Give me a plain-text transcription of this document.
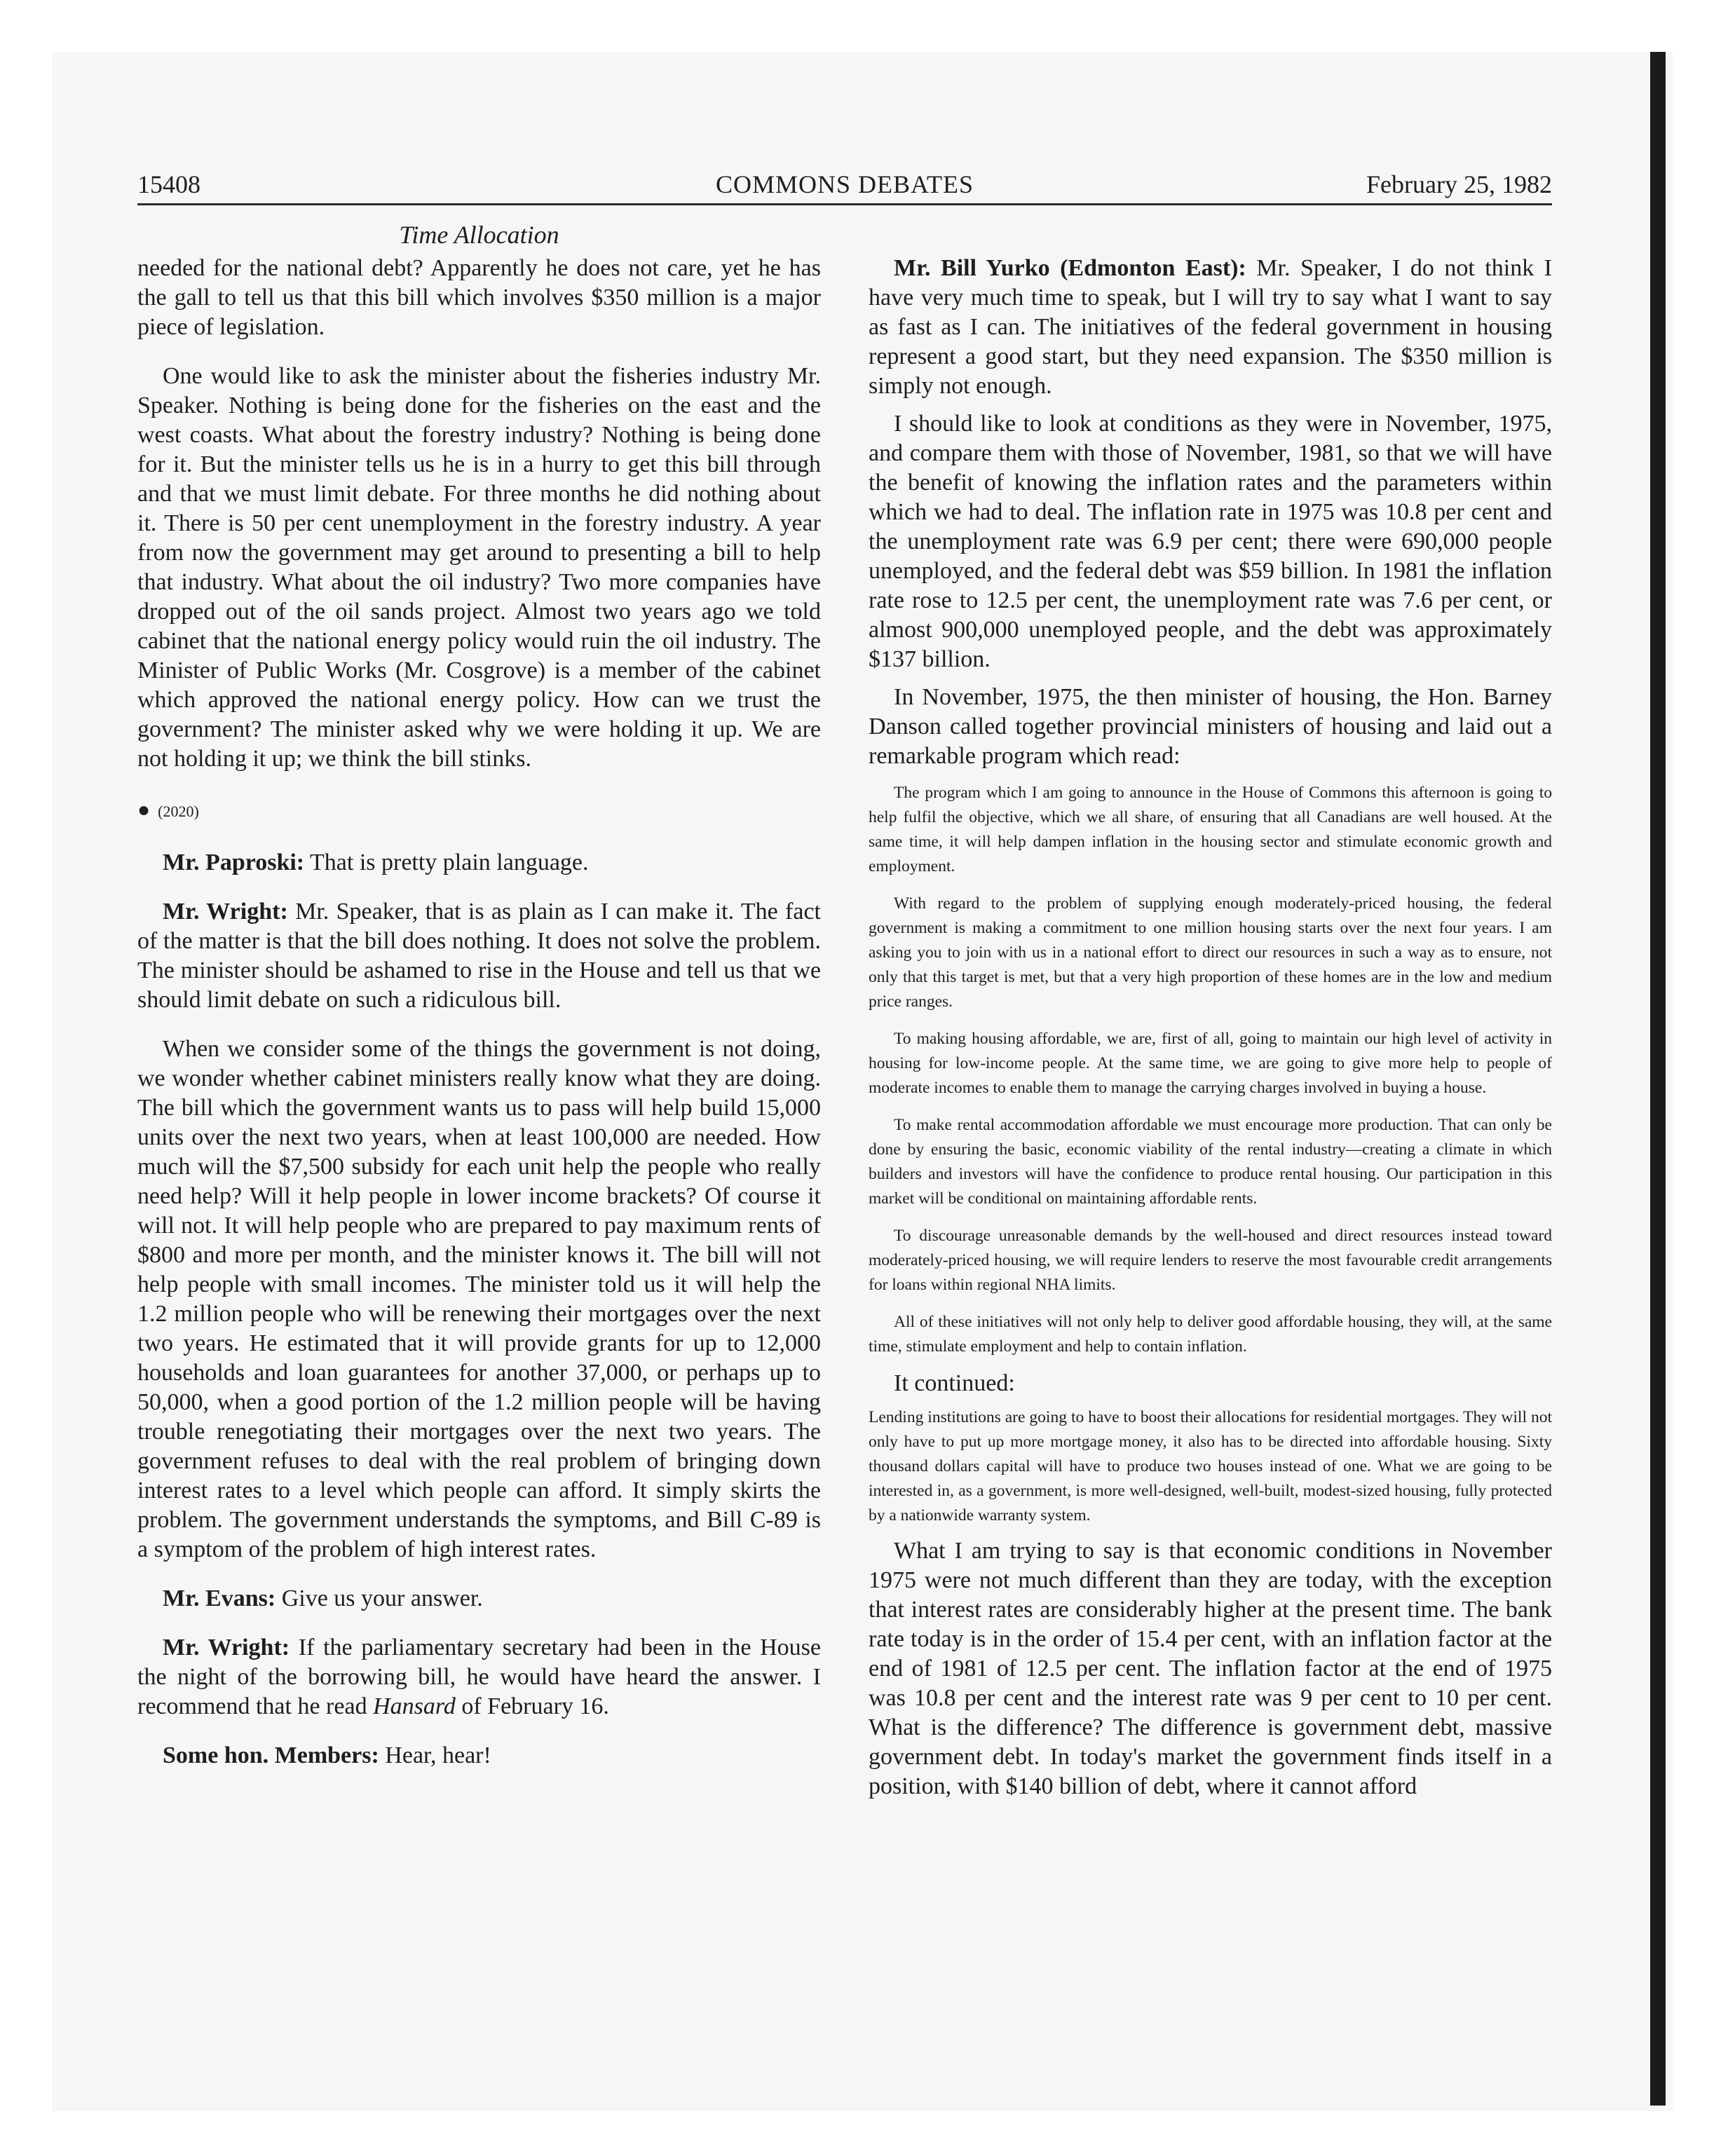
15408	COMMONS DEBATES	February 25, 1982
Time Allocation

needed for the national debt? Apparently he does not care, yet he has the gall to tell us that this bill which involves $350 million is a major piece of legislation.

One would like to ask the minister about the fisheries industry Mr. Speaker. Nothing is being done for the fisheries on the east and the west coasts. What about the forestry industry? Nothing is being done for it. But the minister tells us he is in a hurry to get this bill through and that we must limit debate. For three months he did nothing about it. There is 50 per cent unemployment in the forestry industry. A year from now the government may get around to presenting a bill to help that industry. What about the oil industry? Two more companies have dropped out of the oil sands project. Almost two years ago we told cabinet that the national energy policy would ruin the oil industry. The Minister of Public Works (Mr. Cosgrove) is a member of the cabinet which approved the national energy policy. How can we trust the government? The minister asked why we were holding it up. We are not holding it up; we think the bill stinks.

● (2020)

Mr. Paproski: That is pretty plain language.

Mr. Wright: Mr. Speaker, that is as plain as I can make it. The fact of the matter is that the bill does nothing. It does not solve the problem. The minister should be ashamed to rise in the House and tell us that we should limit debate on such a ridiculous bill.

When we consider some of the things the government is not doing, we wonder whether cabinet ministers really know what they are doing. The bill which the government wants us to pass will help build 15,000 units over the next two years, when at least 100,000 are needed. How much will the $7,500 subsidy for each unit help the people who really need help? Will it help people in lower income brackets? Of course it will not. It will help people who are prepared to pay maximum rents of $800 and more per month, and the minister knows it. The bill will not help people with small incomes. The minister told us it will help the 1.2 million people who will be renewing their mortgages over the next two years. He estimated that it will provide grants for up to 12,000 households and loan guarantees for another 37,000, or perhaps up to 50,000, when a good portion of the 1.2 million people will be having trouble renegotiating their mortgages over the next two years. The government refuses to deal with the real problem of bringing down interest rates to a level which people can afford. It simply skirts the problem. The government understands the symptoms, and Bill C-89 is a symptom of the problem of high interest rates.

Mr. Evans: Give us your answer.

Mr. Wright: If the parliamentary secretary had been in the House the night of the borrowing bill, he would have heard the answer. I recommend that he read Hansard of February 16.

Some hon. Members: Hear, hear!

Mr. Bill Yurko (Edmonton East): Mr. Speaker, I do not think I have very much time to speak, but I will try to say what I want to say as fast as I can. The initiatives of the federal government in housing represent a good start, but they need expansion. The $350 million is simply not enough.

I should like to look at conditions as they were in November, 1975, and compare them with those of November, 1981, so that we will have the benefit of knowing the inflation rates and the parameters within which we had to deal. The inflation rate in 1975 was 10.8 per cent and the unemployment rate was 6.9 per cent; there were 690,000 people unemployed, and the federal debt was $59 billion. In 1981 the inflation rate rose to 12.5 per cent, the unemployment rate was 7.6 per cent, or almost 900,000 unemployed people, and the debt was approximately $137 billion.

In November, 1975, the then minister of housing, the Hon. Barney Danson called together provincial ministers of housing and laid out a remarkable program which read:

The program which I am going to announce in the House of Commons this afternoon is going to help fulfil the objective, which we all share, of ensuring that all Canadians are well housed. At the same time, it will help dampen inflation in the housing sector and stimulate economic growth and employment.

With regard to the problem of supplying enough moderately-priced housing, the federal government is making a commitment to one million housing starts over the next four years. I am asking you to join with us in a national effort to direct our resources in such a way as to ensure, not only that this target is met, but that a very high proportion of these homes are in the low and medium price ranges.

To making housing affordable, we are, first of all, going to maintain our high level of activity in housing for low-income people. At the same time, we are going to give more help to people of moderate incomes to enable them to manage the carrying charges involved in buying a house.

To make rental accommodation affordable we must encourage more production. That can only be done by ensuring the basic, economic viability of the rental industry—creating a climate in which builders and investors will have the confidence to produce rental housing. Our participation in this market will be conditional on maintaining affordable rents.

To discourage unreasonable demands by the well-housed and direct resources instead toward moderately-priced housing, we will require lenders to reserve the most favourable credit arrangements for loans within regional NHA limits.

All of these initiatives will not only help to deliver good affordable housing, they will, at the same time, stimulate employment and help to contain inflation.

It continued:

Lending institutions are going to have to boost their allocations for residential mortgages. They will not only have to put up more mortgage money, it also has to be directed into affordable housing. Sixty thousand dollars capital will have to produce two houses instead of one. What we are going to be interested in, as a government, is more well-designed, well-built, modest-sized housing, fully protected by a nationwide warranty system.

What I am trying to say is that economic conditions in November 1975 were not much different than they are today, with the exception that interest rates are considerably higher at the present time. The bank rate today is in the order of 15.4 per cent, with an inflation factor at the end of 1981 of 12.5 per cent. The inflation factor at the end of 1975 was 10.8 per cent and the interest rate was 9 per cent to 10 per cent. What is the difference? The difference is government debt, massive government debt. In today's market the government finds itself in a position, with $140 billion of debt, where it cannot afford
